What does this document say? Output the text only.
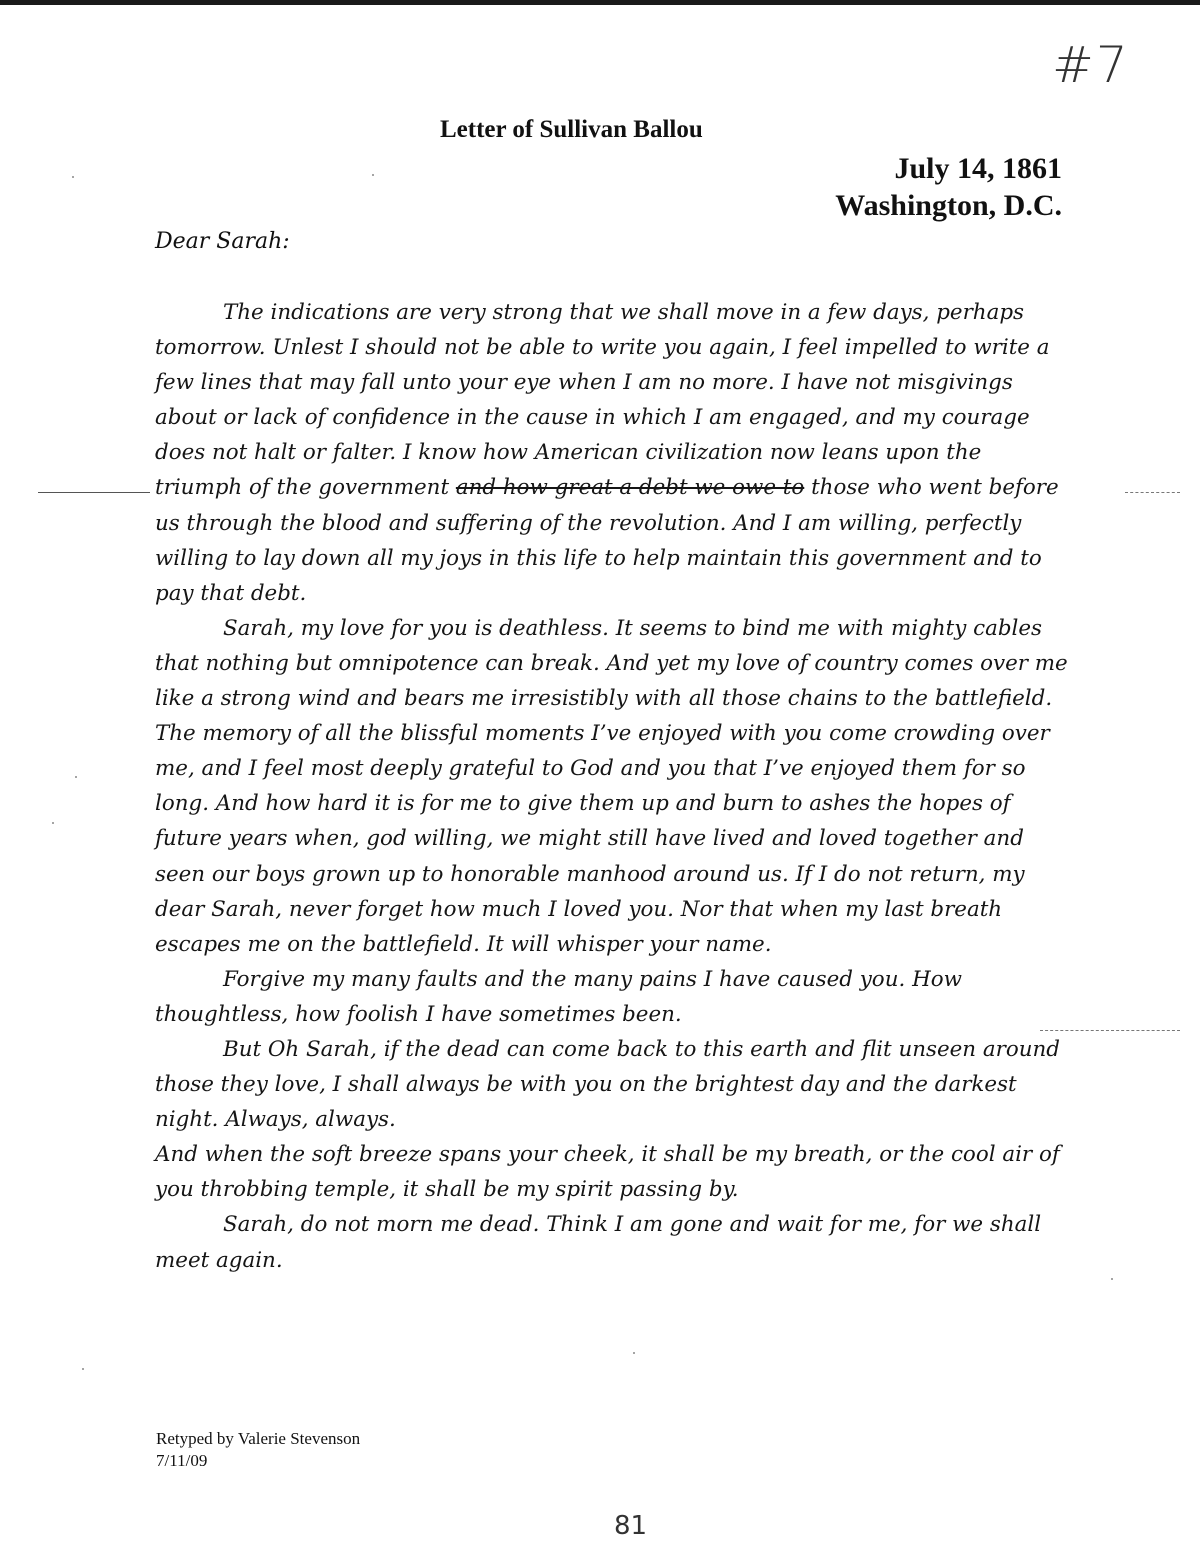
#7
Letter of Sullivan Ballou
July 14, 1861
Washington, D.C.
Dear Sarah:

The indications are very strong that we shall move in a few days, perhaps tomorrow. Unlest I should not be able to write you again, I feel impelled to write a few lines that may fall unto your eye when I am no more. I have not misgivings about or lack of confidence in the cause in which I am engaged, and my courage does not halt or falter. I know how American civilization now leans upon the triumph of the government and how great a debt we owe to those who went before us through the blood and suffering of the revolution. And I am willing, perfectly willing to lay down all my joys in this life to help maintain this government and to pay that debt.

Sarah, my love for you is deathless. It seems to bind me with mighty cables that nothing but omnipotence can break. And yet my love of country comes over me like a strong wind and bears me irresistibly with all those chains to the battlefield. The memory of all the blissful moments I’ve enjoyed with you come crowding over me, and I feel most deeply grateful to God and you that I’ve enjoyed them for so long. And how hard it is for me to give them up and burn to ashes the hopes of future years when, god willing, we might still have lived and loved together and seen our boys grown up to honorable manhood around us. If I do not return, my dear Sarah, never forget how much I loved you. Nor that when my last breath escapes me on the battlefield. It will whisper your name.

Forgive my many faults and the many pains I have caused you. How thoughtless, how foolish I have sometimes been.

But Oh Sarah, if the dead can come back to this earth and flit unseen around those they love, I shall always be with you on the brightest day and the darkest night. Always, always.

And when the soft breeze spans your cheek, it shall be my breath, or the cool air of you throbbing temple, it shall be my spirit passing by.

Sarah, do not morn me dead. Think I am gone and wait for me, for we shall meet again.

Retyped by Valerie Stevenson
7/11/09
81
